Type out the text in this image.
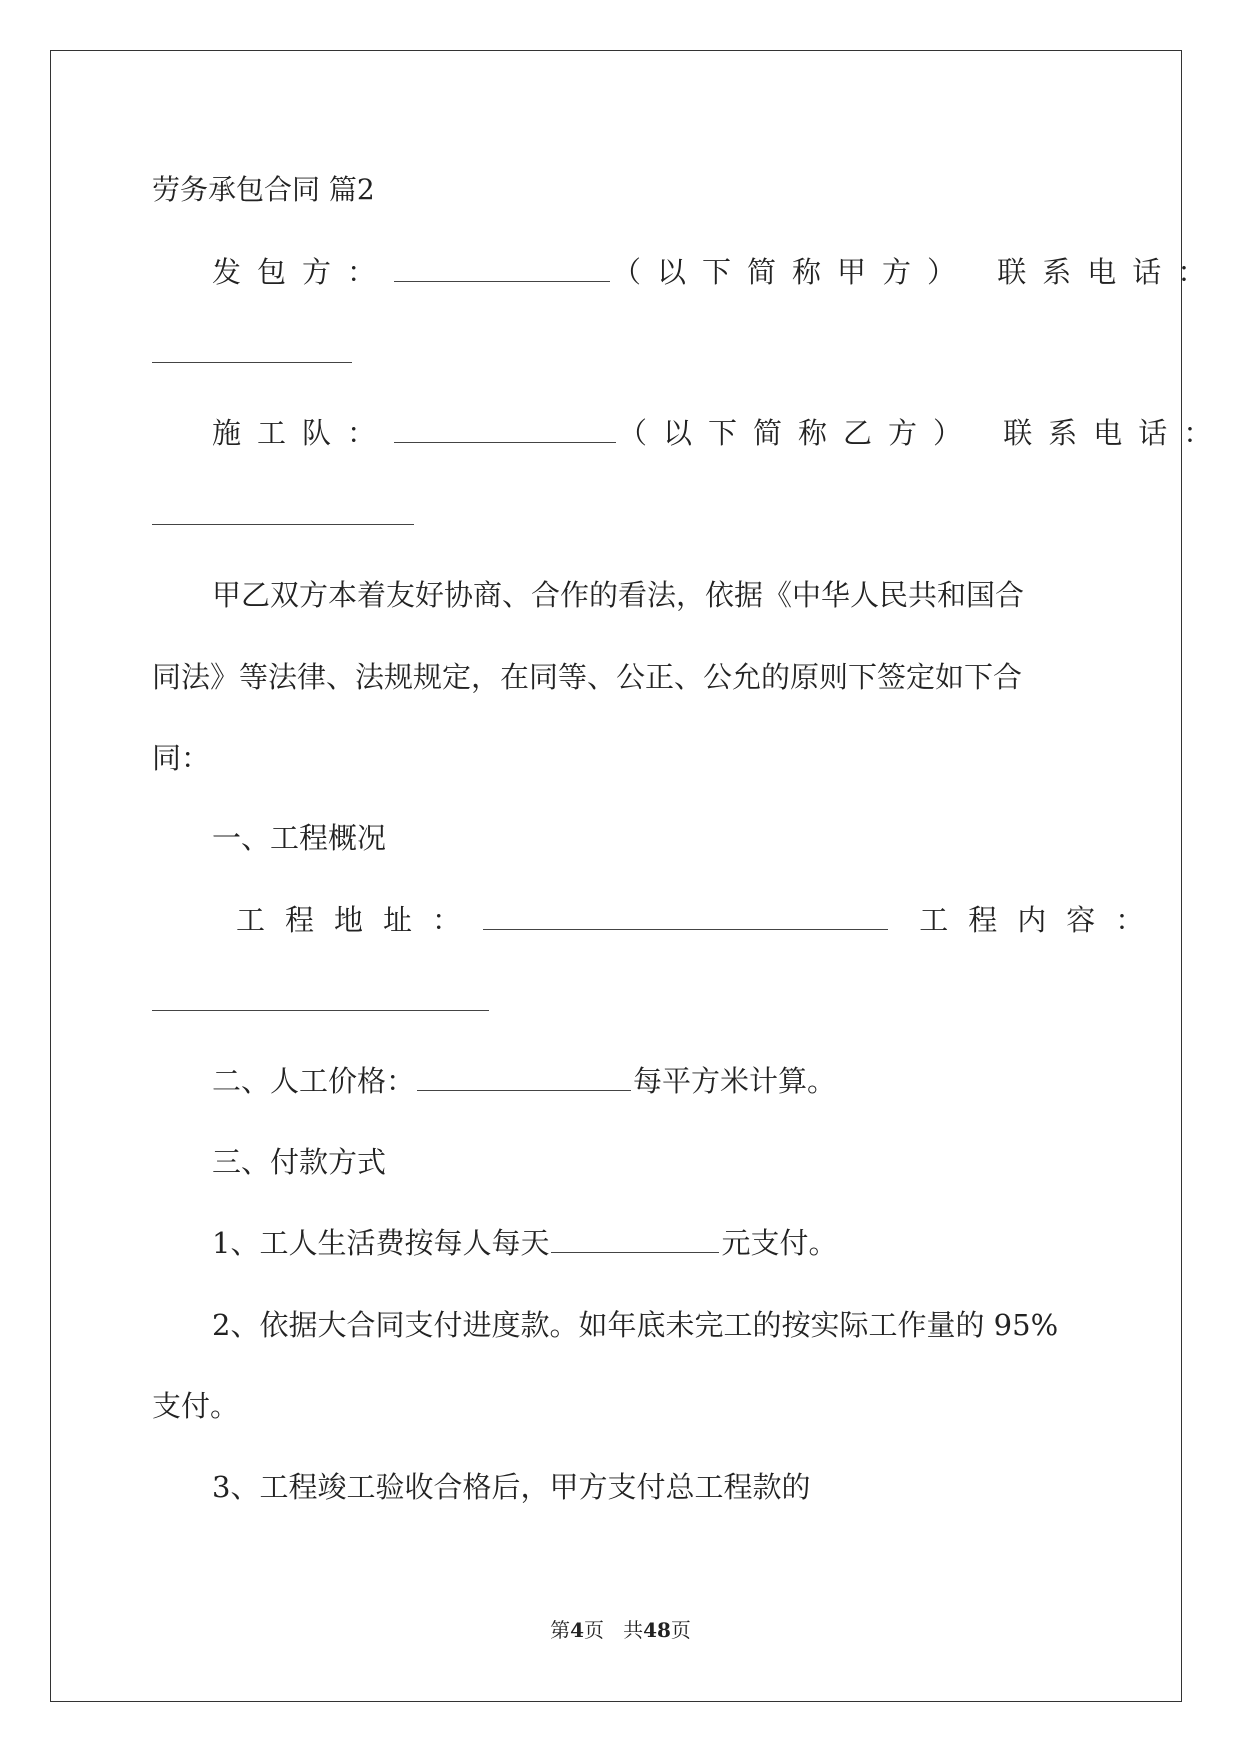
劳务承包合同 篇2
发包方：	（以下简称甲方） 联系电话：
施工队：	（以下简称乙方） 联系电话：
甲乙双方本着友好协商、合作的看法，依据《中华人民共和国合
同法》等法律、法规规定，在同等、公正、公允的原则下签定如下合
同：
一、工程概况
工程地址：	工程内容：
二、人工价格：	每平方米计算。
三、付款方式
1、工人生活费按每人每天	元支付。
2、依据大合同支付进度款。如年底未完工的按实际工作量的 95%
支付。
3、工程竣工验收合格后，甲方支付总工程款的
第4页   共48页
